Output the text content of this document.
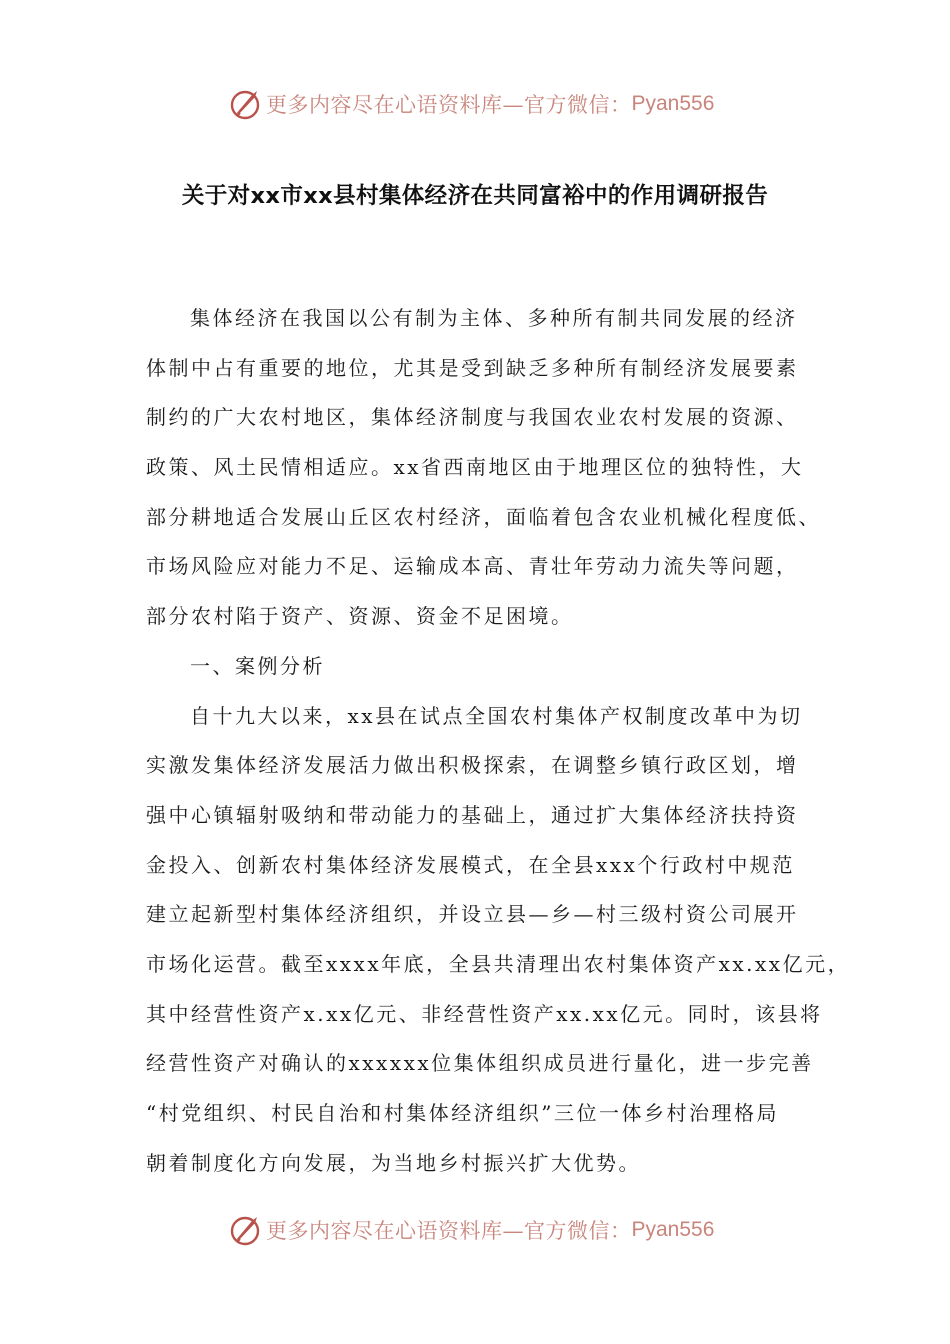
更多内容尽在心语资料库—官方微信： Pyan556
关于对xx市xx县村集体经济在共同富裕中的作用调研报告
集体经济在我国以公有制为主体、多种所有制共同发展的经济
体制中占有重要的地位，尤其是受到缺乏多种所有制经济发展要素
制约的广大农村地区，集体经济制度与我国农业农村发展的资源、
政策、风土民情相适应。xx省西南地区由于地理区位的独特性，大
部分耕地适合发展山丘区农村经济，面临着包含农业机械化程度低、
市场风险应对能力不足、运输成本高、青壮年劳动力流失等问题，
部分农村陷于资产、资源、资金不足困境。
一、案例分析
自十九大以来，xx县在试点全国农村集体产权制度改革中为切
实激发集体经济发展活力做出积极探索，在调整乡镇行政区划，增
强中心镇辐射吸纳和带动能力的基础上，通过扩大集体经济扶持资
金投入、创新农村集体经济发展模式，在全县xxx个行政村中规范
建立起新型村集体经济组织，并设立县—乡—村三级村资公司展开
市场化运营。截至xxxx年底，全县共清理出农村集体资产xx.xx亿元，
其中经营性资产x.xx亿元、非经营性资产xx.xx亿元。同时，该县将
经营性资产对确认的xxxxxx位集体组织成员进行量化，进一步完善
“村党组织、村民自治和村集体经济组织”三位一体乡村治理格局
朝着制度化方向发展，为当地乡村振兴扩大优势。
更多内容尽在心语资料库—官方微信： Pyan556
